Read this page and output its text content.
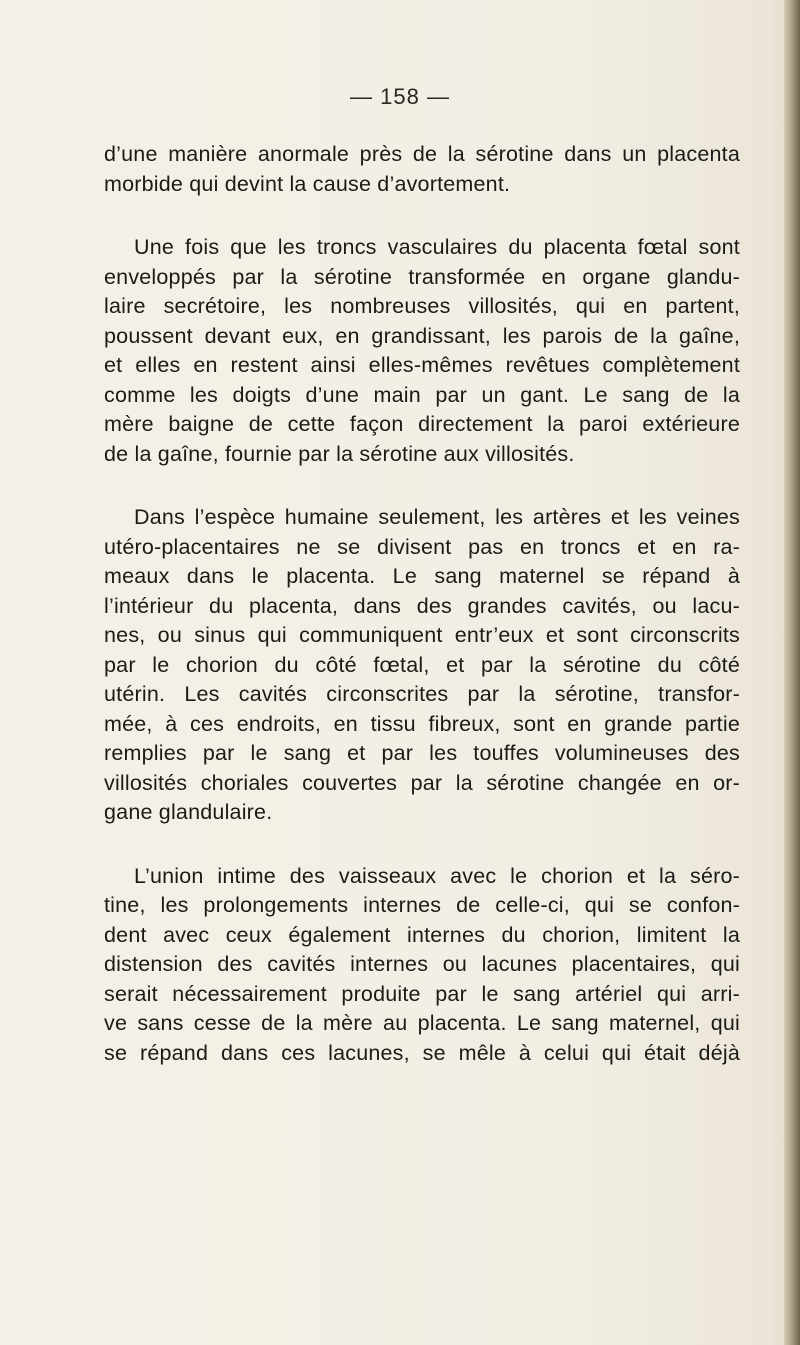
— 158 —
d’une manière anormale près de la sérotine dans un placenta
morbide qui devint la cause d’avortement.
Une fois que les troncs vasculaires du placenta fœtal sont
enveloppés par la sérotine transformée en organe glandu-
laire secrétoire, les nombreuses villosités, qui en partent,
poussent devant eux, en grandissant, les parois de la gaîne,
et elles en restent ainsi elles-mêmes revêtues complètement
comme les doigts d’une main par un gant. Le sang de la
mère baigne de cette façon directement la paroi extérieure
de la gaîne, fournie par la sérotine aux villosités.
Dans l’espèce humaine seulement, les artères et les veines
utéro-placentaires ne se divisent pas en troncs et en ra-
meaux dans le placenta. Le sang maternel se répand à
l’intérieur du placenta, dans des grandes cavités, ou lacu-
nes, ou sinus qui communiquent entr’eux et sont circonscrits
par le chorion du côté fœtal, et par la sérotine du côté
utérin. Les cavités circonscrites par la sérotine, transfor-
mée, à ces endroits, en tissu fibreux, sont en grande partie
remplies par le sang et par les touffes volumineuses des
villosités choriales couvertes par la sérotine changée en or-
gane glandulaire.
L’union intime des vaisseaux avec le chorion et la séro-
tine, les prolongements internes de celle-ci, qui se confon-
dent avec ceux également internes du chorion, limitent la
distension des cavités internes ou lacunes placentaires, qui
serait nécessairement produite par le sang artériel qui arri-
ve sans cesse de la mère au placenta. Le sang maternel, qui
se répand dans ces lacunes, se mêle à celui qui était déjà
